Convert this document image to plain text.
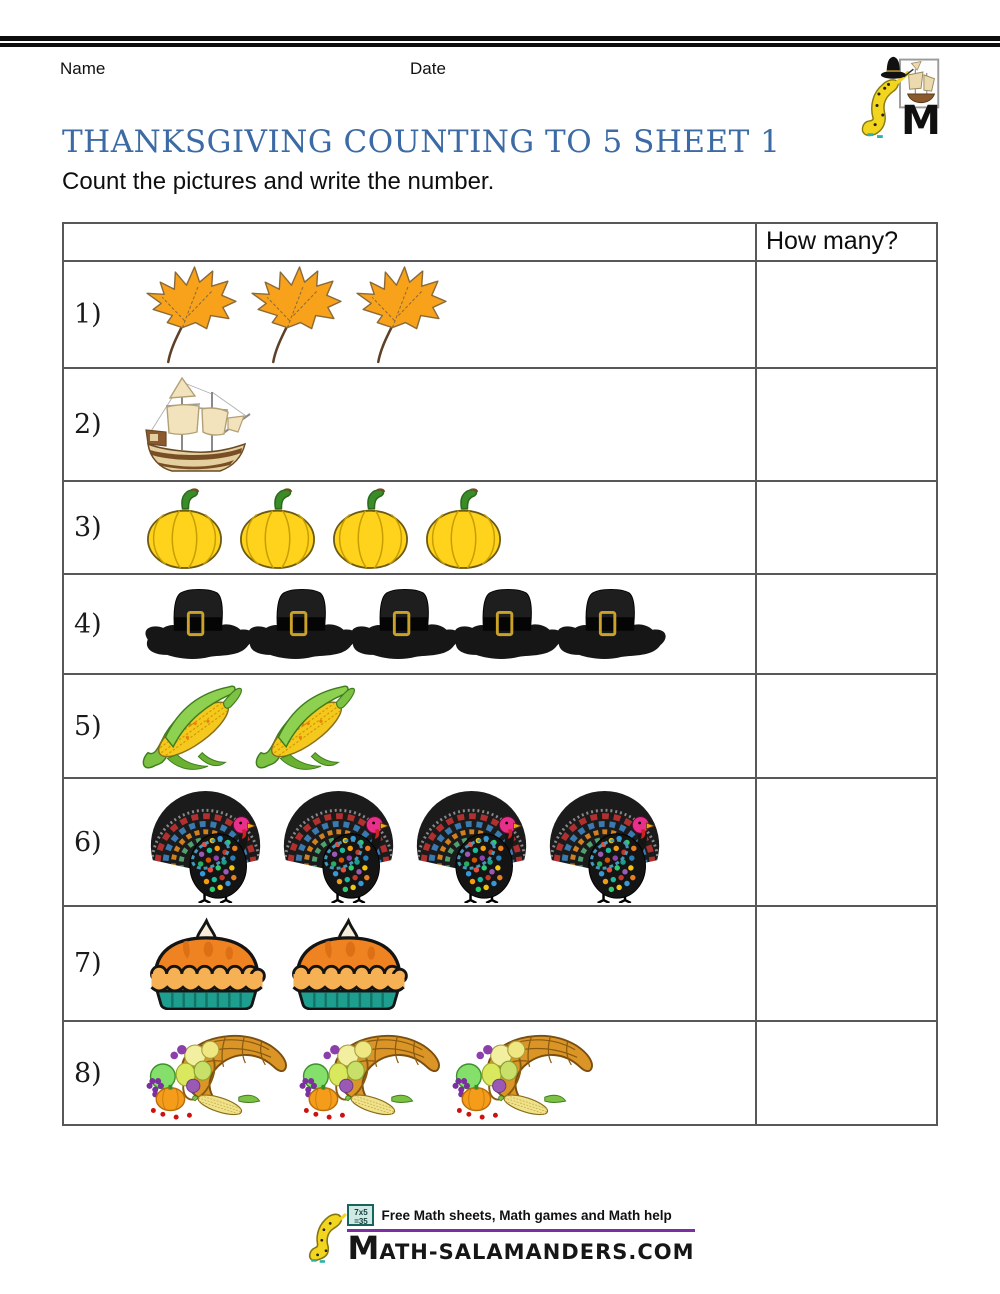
Name	Date
M
THANKSGIVING COUNTING TO 5 SHEET 1
Count the pictures and write the number.
How many?
1)
2)
3)
4)
5)
6)
7)
8)
7x5
=35	Free Math sheets, Math games and Math help
MATH-SALAMANDERS.COM
